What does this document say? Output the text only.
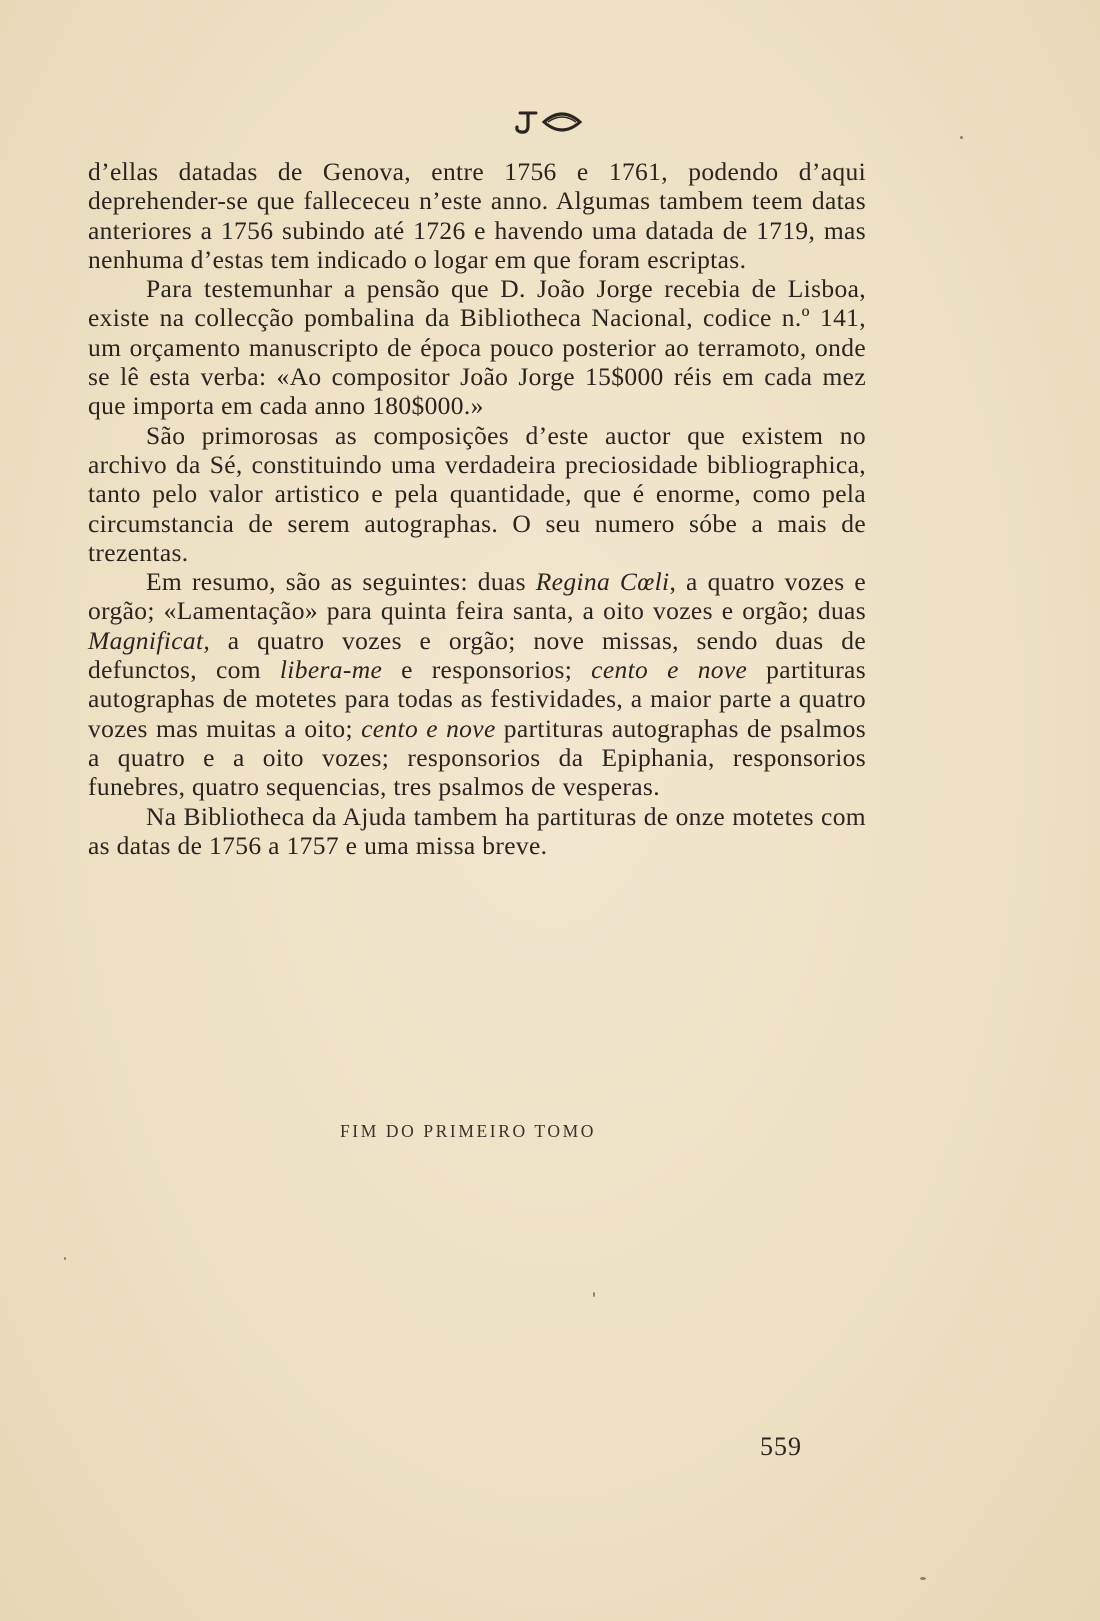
d’ellas datadas de Genova, entre 1756 e 1761, podendo d’aqui deprehender-se que fallececeu n’este anno. Algumas tambem teem datas anteriores a 1756 subindo até 1726 e havendo uma datada de 1719, mas nenhuma d’estas tem indicado o logar em que foram escriptas.

Para testemunhar a pensão que D. João Jorge recebia de Lisboa, existe na collecção pombalina da Bibliotheca Nacional, codice n.º 141, um orçamento manuscripto de época pouco posterior ao terramoto, onde se lê esta verba: «Ao compositor João Jorge 15$000 réis em cada mez que importa em cada anno 180$000.»

São primorosas as composições d’este auctor que existem no archivo da Sé, constituindo uma verdadeira preciosidade bibliographica, tanto pelo valor artistico e pela quantidade, que é enorme, como pela circumstancia de serem autographas. O seu numero sóbe a mais de trezentas.

Em resumo, são as seguintes: duas Regina Cœli, a quatro vozes e orgão; «Lamentação» para quinta feira santa, a oito vozes e orgão; duas Magnificat, a quatro vozes e orgão; nove missas, sendo duas de defunctos, com libera-me e responsorios; cento e nove partituras autographas de motetes para todas as festividades, a maior parte a quatro vozes mas muitas a oito; cento e nove partituras autographas de psalmos a quatro e a oito vozes; responsorios da Epiphania, responsorios funebres, quatro sequencias, tres psalmos de vesperas.

Na Bibliotheca da Ajuda tambem ha partituras de onze motetes com as datas de 1756 a 1757 e uma missa breve.

FIM DO PRIMEIRO TOMO
559
